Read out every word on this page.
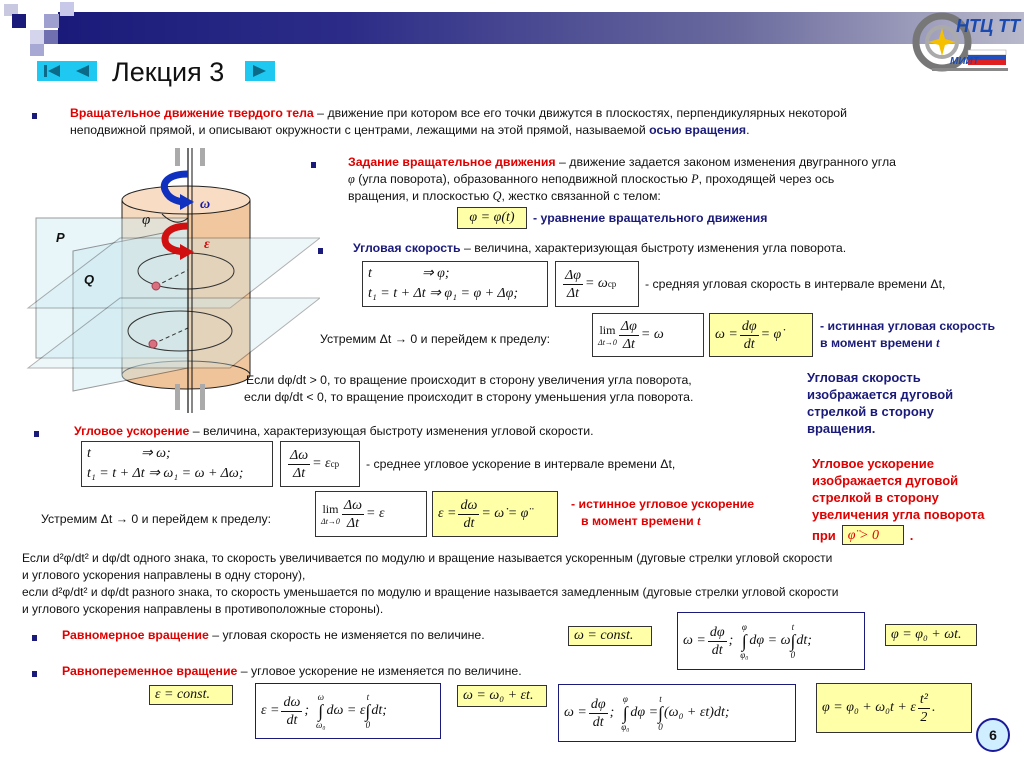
НТЦ ТТ
МИИТ
Лекция 3
Вращательное движение твердого тела – движение при котором все его точки движутся в плоскостях, перпендикулярных некоторой
неподвижной прямой, и описывают окружности с центрами, лежащими на этой прямой, называемой осью вращения.
ω
ε
φ
P
Q
Задание вращательное движения – движение задается законом изменения двугранного угла
φ (угла поворота), образованного неподвижной плоскостью P, проходящей через ось
вращения, и плоскостью Q, жестко связанной с телом:
φ = φ(t)	- уравнение вращательного движения
Угловая скорость – величина, характеризующая быстроту изменения угла поворота.
t	⇒ φ;
t₁ = t + Δt ⇒ φ₁ = φ + Δφ;	$\frac{\Delta\varphi}{\Delta t} = \omega$ ср - средняя угловая скорость в интервале времени Δt,
Устремим Δt → 0 и перейдем к пределу:
lim
$\Delta t\to 0 \frac{\Delta\varphi}{\Delta t} = \omega$	$\omega = \frac{d\varphi}{dt}$ = φ̇
- истинная угловая скорость
в момент времени t
Если dφ/dt > 0, то вращение происходит в сторону увеличения угла поворота,
если dφ/dt < 0, то вращение происходит в сторону уменьшения угла поворота.
Угловая скорость
изображается дуговой
стрелкой в сторону
вращения.
Угловое ускорение
изображается дуговой
стрелкой в сторону
увеличения угла поворота
при φ̈ > 0	.
Угловое ускорение – величина, характеризующая быстроту изменения угловой скорости.
t	⇒ ω;
t₁ = t + Δt ⇒ ω₁ = ω + Δω;	$\frac{\Delta\omega}{\Delta t} = \varepsilon$ ср - среднее угловое ускорение в интервале времени Δt,
Устремим Δt → 0 и перейдем к пределу:
lim
$\Delta t\to 0 \frac{\Delta\omega}{\Delta t} = \varepsilon$	$\varepsilon = \frac{d\omega}{dt}$ = ω̇ = φ̈
- истинное угловое ускорение
в момент времени t
Если d²φ/dt² и dφ/dt одного знака, то скорость увеличивается по модулю и вращение называется ускоренным (дуговые стрелки угловой скорости
и углового ускорения направлены в одну сторону),
если d²φ/dt² и dφ/dt разного знака, то скорость уменьшается по модулю и вращение называется замедленным (дуговые стрелки угловой скорости
и углового ускорения направлены в противоположные стороны).
Равномерное вращение – угловая скорость не изменяется по величине.	ω = const.	$\omega = \frac{d\varphi}{dt}$ ;
φ
∫
φ₀
dφ = ω
t
∫
0
dt;	φ = φ₀ + ωt.
Равнопеременное вращение – угловое ускорение не изменяется по величине.
ε = const.
$\varepsilon = \frac{d\omega}{dt}$ ;
ω
∫
ω₀
dω = ε
t
∫
0
dt;
ω = ω₀ + εt.
$\omega = \frac{d\varphi}{dt}$ ;
φ
∫
φ₀
dφ =
t
∫
0
(ω₀ + εt)dt;	φ = φ₀ + ω₀t + ε $\frac{\text{t²}}{2}$ .
6
